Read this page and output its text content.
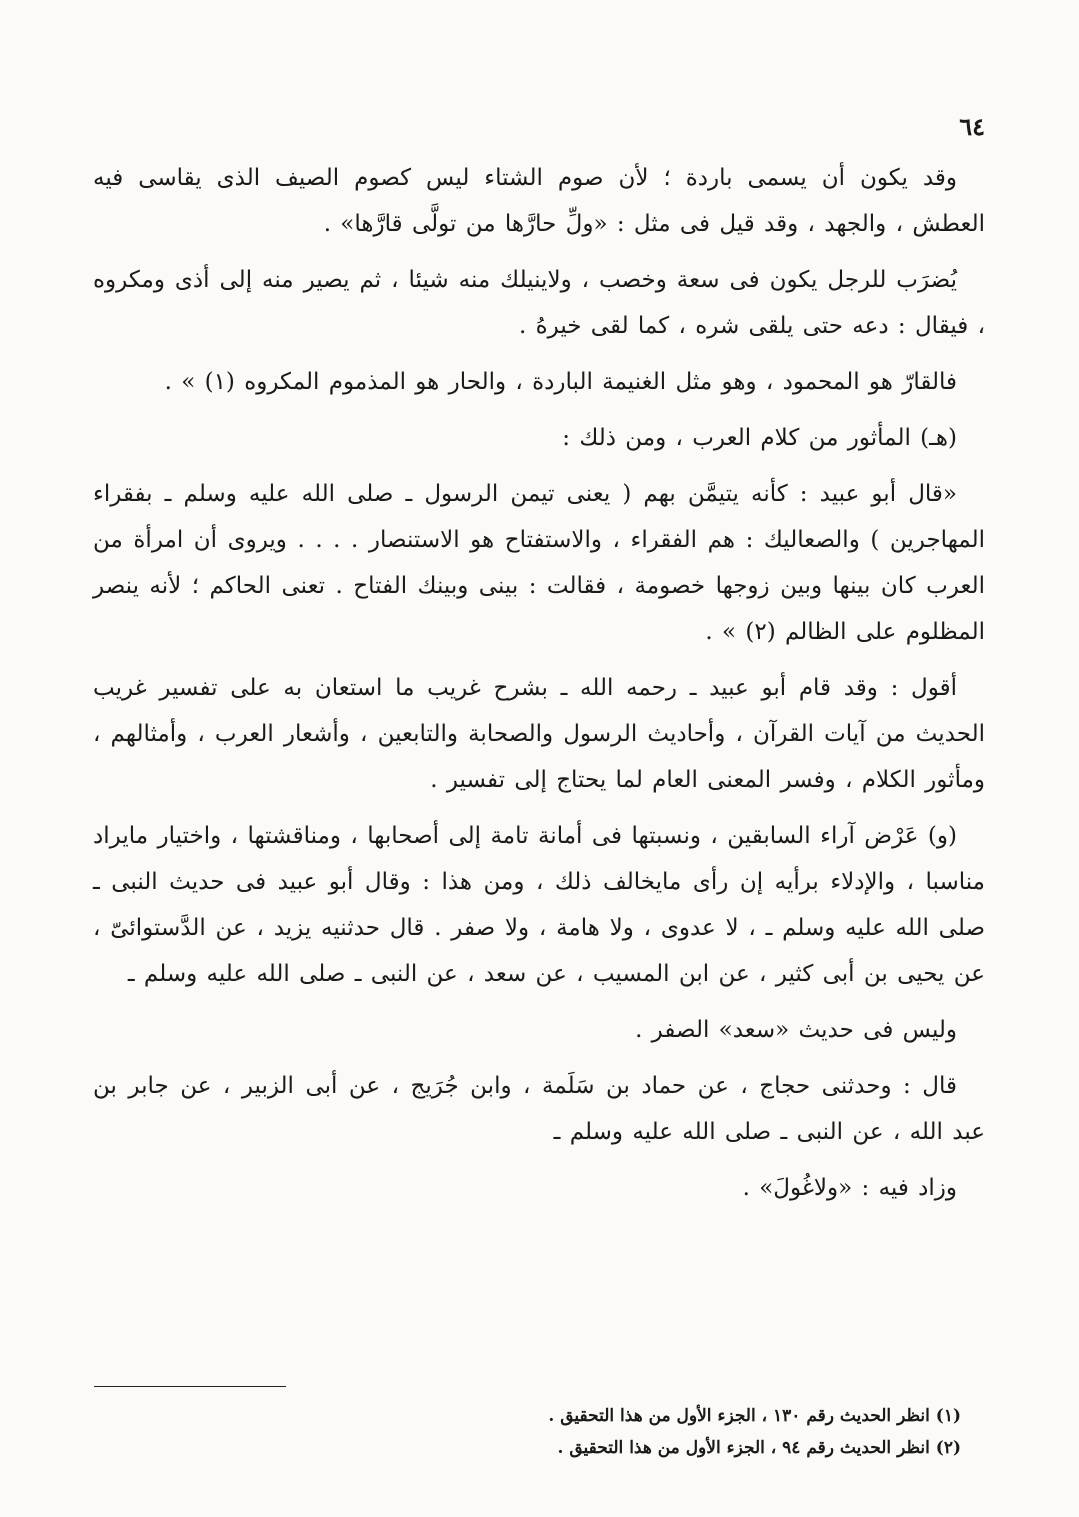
٦٤

وقد يكون أن يسمى باردة ؛ لأن صوم الشتاء ليس كصوم الصيف الذى يقاسى فيه العطش ، والجهد ، وقد قيل فى مثل : «ولِّ حارَّها من تولَّى قارَّها» .

يُضرَب للرجل يكون فى سعة وخصب ، ولاينيلك منه شيئا ، ثم يصير منه إلى أذى ومكروه ، فيقال : دعه حتى يلقى شره ، كما لقى خيرهُ .

فالقارّ هو المحمود ، وهو مثل الغنيمة الباردة ، والحار هو المذموم المكروه (١) » .

(هـ) المأثور من كلام العرب ، ومن ذلك :

«قال أبو عبيد : كأنه يتيمَّن بهم ( يعنى تيمن الرسول ـ صلى الله عليه وسلم ـ بفقراء المهاجرين ) والصعاليك : هم الفقراء ، والاستفتاح هو الاستنصار . . . . ويروى أن امرأة من العرب كان بينها وبين زوجها خصومة ، فقالت : بينى وبينك الفتاح . تعنى الحاكم ؛ لأنه ينصر المظلوم على الظالم (٢) » .

أقول : وقد قام أبو عبيد ـ رحمه الله ـ بشرح غريب ما استعان به على تفسير غريب الحديث من آيات القرآن ، وأحاديث الرسول والصحابة والتابعين ، وأشعار العرب ، وأمثالهم ، ومأثور الكلام ، وفسر المعنى العام لما يحتاج إلى تفسير .

(و) عَرْض آراء السابقين ، ونسبتها فى أمانة تامة إلى أصحابها ، ومناقشتها ، واختيار مايراد مناسبا ، والإدلاء برأيه إن رأى مايخالف ذلك ، ومن هذا : وقال أبو عبيد فى حديث النبى ـ صلى الله عليه وسلم ـ ، لا عدوى ، ولا هامة ، ولا صفر . قال حدثنيه يزيد ، عن الدَّستوائىّ ، عن يحيى بن أبى كثير ، عن ابن المسيب ، عن سعد ، عن النبى ـ صلى الله عليه وسلم ـ

وليس فى حديث «سعد» الصفر .

قال : وحدثنى حجاج ، عن حماد بن سَلَمة ، وابن جُرَيج ، عن أبى الزبير ، عن جابر بن عبد الله ، عن النبى ـ صلى الله عليه وسلم ـ

وزاد فيه : «ولاغُولَ» .

(١) انظر الحديث رقم ١٣٠ ، الجزء الأول من هذا التحقيق .

(٢) انظر الحديث رقم ٩٤ ، الجزء الأول من هذا التحقيق .
